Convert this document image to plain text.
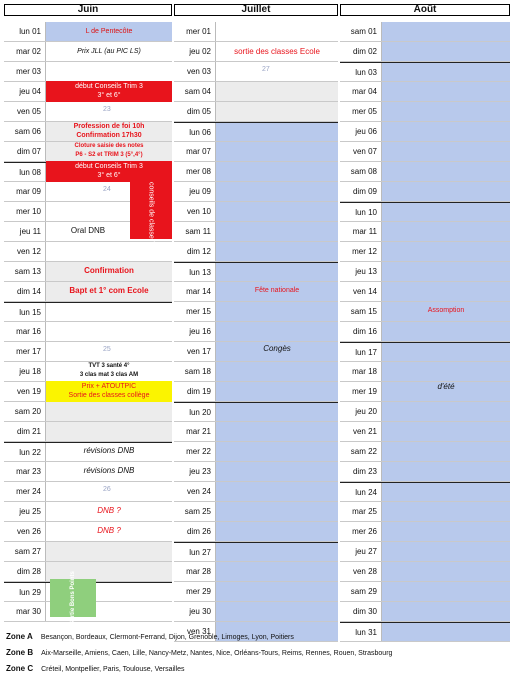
Juin	Juillet	Août
lun 01
mar 02
mer 03
jeu 04
ven 05
sam 06
dim 07
lun 08
mar 09
mer 10
jeu 11
ven 12
sam 13
dim 14
lun 15
mar 16
mer 17
jeu 18
ven 19
sam 20
dim 21
lun 22
mar 23
mer 24
jeu 25
ven 26
sam 27
dim 28
lun 29
mar 30
mer 01
jeu 02
ven 03
sam 04
dim 05
lun 06
mar 07
mer 08
jeu 09
ven 10
sam 11
dim 12
lun 13
mar 14
mer 15
jeu 16
ven 17
sam 18
dim 19
lun 20
mar 21
mer 22
jeu 23
ven 24
sam 25
dim 26
lun 27
mar 28
mer 29
jeu 30
ven 31
sam 01
dim 02
lun 03
mar 04
mer 05
jeu 06
ven 07
sam 08
dim 09
lun 10
mar 11
mer 12
jeu 13
ven 14
sam 15
dim 16
lun 17
mar 18
mer 19
jeu 20
ven 21
sam 22
dim 23
lun 24
mar 25
mer 26
jeu 27
ven 28
sam 29
dim 30
lun 31
L de Pentecôte
Prix JLL (au PIC LS)
début Conseils Trim 3
3° et 6°
Profession de foi 10h
Confirmation 17h30
Cloture saisie des notes
P6 - S2 et TRIM 3 (5°,4°)
début Conseils Trim 3
3° et 6°
conseils de classe Trim 3
Oral DNB
Confirmation
Bapt et 1° com Ecole
TVT 3 santé 4°
3 clas mat 3 clas AM
Prix + ATOUTPIC
Sortie des classes collège
révisions DNB
révisions DNB
DNB ?
DNB ?
Sortie Bons Points
23
24
25
26
sortie des classes Ecole
27
Fête nationale
Congès
Assomption
d'été
Zone A Besançon, Bordeaux, Clermont-Ferrand, Dijon, Grenoble, Limoges, Lyon, Poitiers
Zone B Aix-Marseille, Amiens, Caen, Lille, Nancy-Metz, Nantes, Nice, Orléans-Tours, Reims, Rennes, Rouen, Strasbourg
Zone C Créteil, Montpellier, Paris, Toulouse, Versailles
